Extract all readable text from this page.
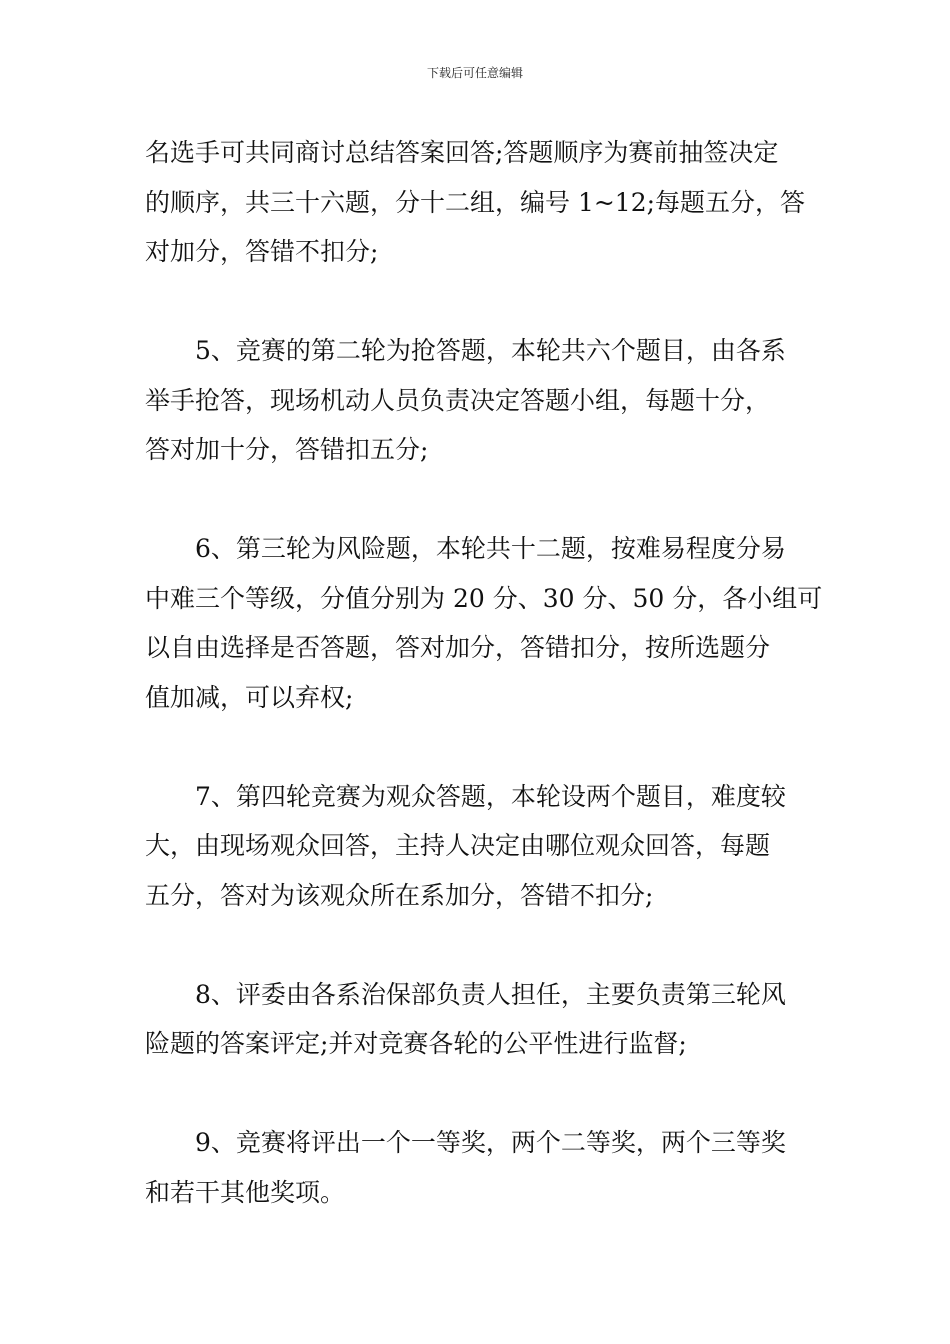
下载后可任意编辑
名选手可共同商讨总结答案回答;答题顺序为赛前抽签决定
的顺序，共三十六题，分十二组，编号 1~12;每题五分，答
对加分，答错不扣分;
5、竞赛的第二轮为抢答题，本轮共六个题目，由各系
举手抢答，现场机动人员负责决定答题小组，每题十分，
答对加十分，答错扣五分;
6、第三轮为风险题，本轮共十二题，按难易程度分易
中难三个等级，分值分别为 20 分、30 分、50 分，各小组可
以自由选择是否答题，答对加分，答错扣分，按所选题分
值加减，可以弃权;
7、第四轮竞赛为观众答题，本轮设两个题目，难度较
大，由现场观众回答，主持人决定由哪位观众回答，每题
五分，答对为该观众所在系加分，答错不扣分;
8、评委由各系治保部负责人担任，主要负责第三轮风
险题的答案评定;并对竞赛各轮的公平性进行监督;
9、竞赛将评出一个一等奖，两个二等奖，两个三等奖
和若干其他奖项。
